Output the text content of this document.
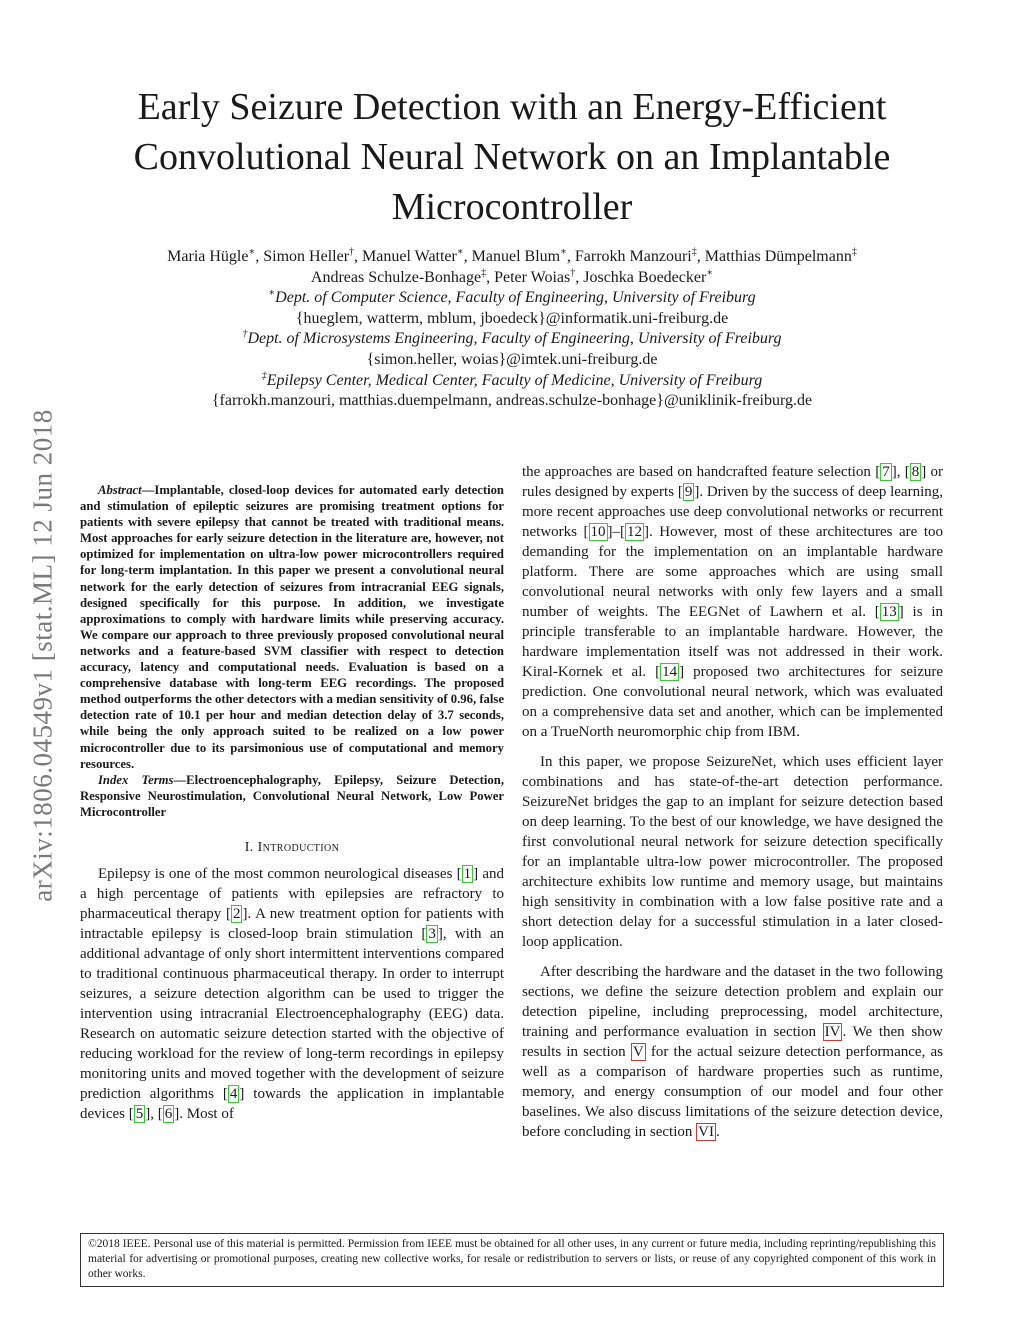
arXiv:1806.04549v1 [stat.ML] 12 Jun 2018
Early Seizure Detection with an Energy-Efficient Convolutional Neural Network on an Implantable Microcontroller
Maria Hügle∗, Simon Heller†, Manuel Watter∗, Manuel Blum∗, Farrokh Manzouri‡, Matthias Dümpelmann‡
Andreas Schulze-Bonhage‡, Peter Woias†, Joschka Boedecker∗
∗Dept. of Computer Science, Faculty of Engineering, University of Freiburg
{hueglem, watterm, mblum, jboedeck}@informatik.uni-freiburg.de
†Dept. of Microsystems Engineering, Faculty of Engineering, University of Freiburg
{simon.heller, woias}@imtek.uni-freiburg.de
‡Epilepsy Center, Medical Center, Faculty of Medicine, University of Freiburg
{farrokh.manzouri, matthias.duempelmann, andreas.schulze-bonhage}@uniklinik-freiburg.de

Abstract—Implantable, closed-loop devices for automated early detection and stimulation of epileptic seizures are promising treatment options for patients with severe epilepsy that cannot be treated with traditional means. Most approaches for early seizure detection in the literature are, however, not optimized for implementation on ultra-low power microcontrollers required for long-term implantation. In this paper we present a convolutional neural network for the early detection of seizures from intracranial EEG signals, designed specifically for this purpose. In addition, we investigate approximations to comply with hardware limits while preserving accuracy. We compare our approach to three previously proposed convolutional neural networks and a feature-based SVM classifier with respect to detection accuracy, latency and computational needs. Evaluation is based on a comprehensive database with long-term EEG recordings. The proposed method outperforms the other detectors with a median sensitivity of 0.96, false detection rate of 10.1 per hour and median detection delay of 3.7 seconds, while being the only approach suited to be realized on a low power microcontroller due to its parsimonious use of computational and memory resources.

Index Terms—Electroencephalography, Epilepsy, Seizure Detection, Responsive Neurostimulation, Convolutional Neural Network, Low Power Microcontroller

I. Introduction

Epilepsy is one of the most common neurological diseases [ 1 ] and a high percentage of patients with epilepsies are refractory to pharmaceutical therapy [ 2 ]. A new treatment option for patients with intractable epilepsy is closed-loop brain stimulation [ 3 ], with an additional advantage of only short intermittent interventions compared to traditional continuous pharmaceutical therapy. In order to interrupt seizures, a seizure detection algorithm can be used to trigger the intervention using intracranial Electroencephalography (EEG) data. Research on automatic seizure detection started with the objective of reducing workload for the review of long-term recordings in epilepsy monitoring units and moved together with the development of seizure prediction algorithms [ 4 ] towards the application in implantable devices [ 5 ], [ 6 ]. Most of

the approaches are based on handcrafted feature selection [ 7 ], [ 8 ] or rules designed by experts [ 9 ]. Driven by the success of deep learning, more recent approaches use deep convolutional networks or recurrent networks [ 10 ]–[ 12 ]. However, most of these architectures are too demanding for the implementation on an implantable hardware platform. There are some approaches which are using small convolutional neural networks with only few layers and a small number of weights. The EEGNet of Lawhern et al. [ 13 ] is in principle transferable to an implantable hardware. However, the hardware implementation itself was not addressed in their work. Kiral-Kornek et al. [ 14 ] proposed two architectures for seizure prediction. One convolutional neural network, which was evaluated on a comprehensive data set and another, which can be implemented on a TrueNorth neuromorphic chip from IBM.

In this paper, we propose SeizureNet, which uses efficient layer combinations and has state-of-the-art detection performance. SeizureNet bridges the gap to an implant for seizure detection based on deep learning. To the best of our knowledge, we have designed the first convolutional neural network for seizure detection specifically for an implantable ultra-low power microcontroller. The proposed architecture exhibits low runtime and memory usage, but maintains high sensitivity in combination with a low false positive rate and a short detection delay for a successful stimulation in a later closed-loop application.

After describing the hardware and the dataset in the two following sections, we define the seizure detection problem and explain our detection pipeline, including preprocessing, model architecture, training and performance evaluation in section IV . We then show results in section V for the actual seizure detection performance, as well as a comparison of hardware properties such as runtime, memory, and energy consumption of our model and four other baselines. We also discuss limitations of the seizure detection device, before concluding in section VI .

©2018 IEEE. Personal use of this material is permitted. Permission from IEEE must be obtained for all other uses, in any current or future media, including reprinting/republishing this material for advertising or promotional purposes, creating new collective works, for resale or redistribution to servers or lists, or reuse of any copyrighted component of this work in other works.
